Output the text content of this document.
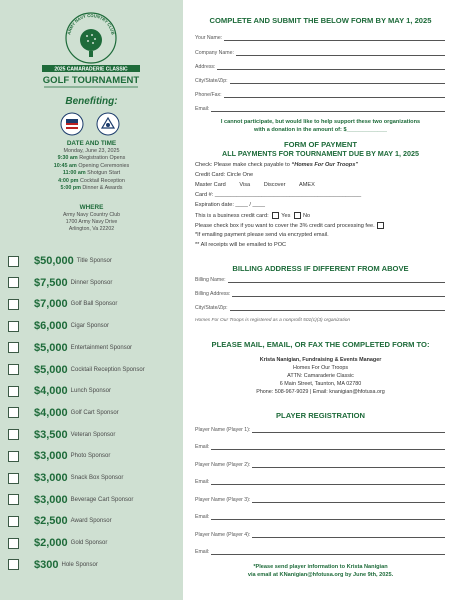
ARMY NAVY COUNTRY CLUB
2025 CAMARADERIE CLASSIC
GOLF TOURNAMENT
Benefiting:
DATE AND TIME
Monday, June 23, 2025
9:30 am Registration Opens
10:45 am Opening Ceremonies
11:00 am Shotgun Start
4:00 pm Cocktail Reception
5:00 pm Dinner & Awards
WHERE
Army Navy Country Club
1700 Army Navy Drive
Arlington, Va 22202
$50,000 Title Sponsor
$7,500 Dinner Sponsor
$7,000 Golf Ball Sponsor
$6,000 Cigar Sponsor
$5,000 Entertainment Sponsor
$5,000 Cocktail Reception Sponsor
$4,000 Lunch Sponsor
$4,000 Golf Cart Sponsor
$3,500 Veteran Sponsor
$3,000 Photo Sponsor
$3,000 Snack Box Sponsor
$3,000 Beverage Cart Sponsor
$2,500 Award Sponsor
$2,000 Gold Sponsor
$300 Hole Sponsor
COMPLETE AND SUBMIT THE BELOW FORM BY MAY 1, 2025
Your Name:
Company Name:
Address:
City/State/Zip:
Phone/Fax:
Email:
I cannot participate, but would like to help support these two organizations
with a donation in the amount of: $_____________
FORM OF PAYMENT
ALL PAYMENTS FOR TOURNAMENT DUE BY MAY 1, 2025
Check: Please make check payable to “Homes For Our Troops”
Credit Card: Circle One
Master Card Visa Discover AMEX
Card #: _______________________________________________
Expiration date: ____ / ____
This is a business credit card: Yes No
Please check box if you want to cover the 3% credit card processing fee.
*If emailing payment please send via encrypted email.
** All receipts will be emailed to POC
BILLING ADDRESS IF DIFFERENT FROM ABOVE
Billing Name:
Billing Address:
City/State/Zip:
Homes For Our Troops is registered as a nonprofit 501(c)(3) organization
PLEASE MAIL, EMAIL, OR FAX THE COMPLETED FORM TO:
Krista Nanigian, Fundraising & Events Manager
Homes For Our Troops
ATTN: Camaraderie Classic
6 Main Street, Taunton, MA 02780
Phone: 508-967-9029 | Email: knanigian@hfotusa.org
PLAYER REGISTRATION
Player Name (Player 1):
Email:
Player Name (Player 2):
Email:
Player Name (Player 3):
Email:
Player Name (Player 4):
Email:
*Please send player information to Krista Nanigian
via email at KNanigian@hfotusa.org by June 9th, 2025.
